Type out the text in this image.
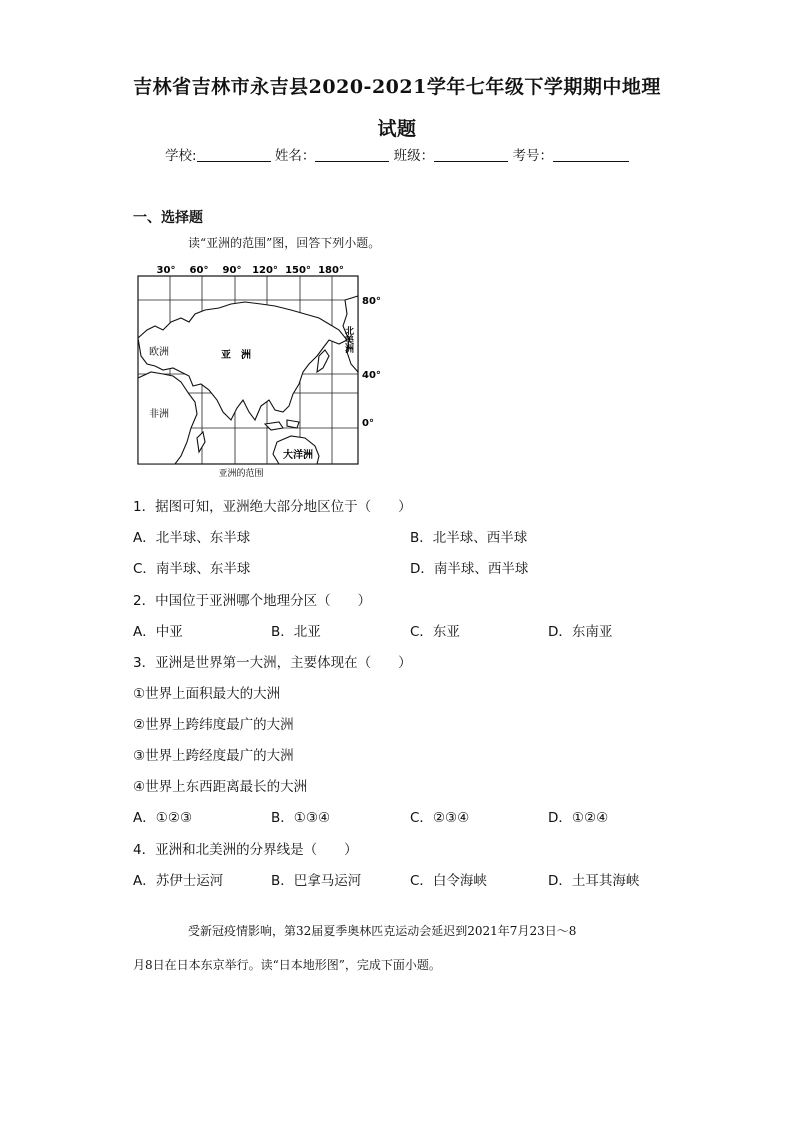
吉林省吉林市永吉县2020-2021学年七年级下学期期中地理
试题
学校:	姓名：	班级：	考号：
一、选择题
读“亚洲的范围”图，回答下列小题。
30° 60° 90° 120° 150° 180°
欧洲	亚　洲
非洲
大洋洲
北美洲
80°
40°
0°
亚洲的范围
1．据图可知，亚洲绝大部分地区位于（　　）
A．北半球、东半球	B．北半球、西半球
C．南半球、东半球	D．南半球、西半球
2．中国位于亚洲哪个地理分区（　　）
A．中亚	B．北亚	C．东亚	D．东南亚
3．亚洲是世界第一大洲，主要体现在（　　）
①世界上面积最大的大洲
②世界上跨纬度最广的大洲
③世界上跨经度最广的大洲
④世界上东西距离最长的大洲
A．①②③	B．①③④	C．②③④	D．①②④
4．亚洲和北美洲的分界线是（　　）
A．苏伊士运河	B．巴拿马运河	C．白令海峡	D．土耳其海峡
受新冠疫情影响，第32届夏季奥林匹克运动会延迟到2021年7月23日～8
月8日在日本东京举行。读“日本地形图”，完成下面小题。
